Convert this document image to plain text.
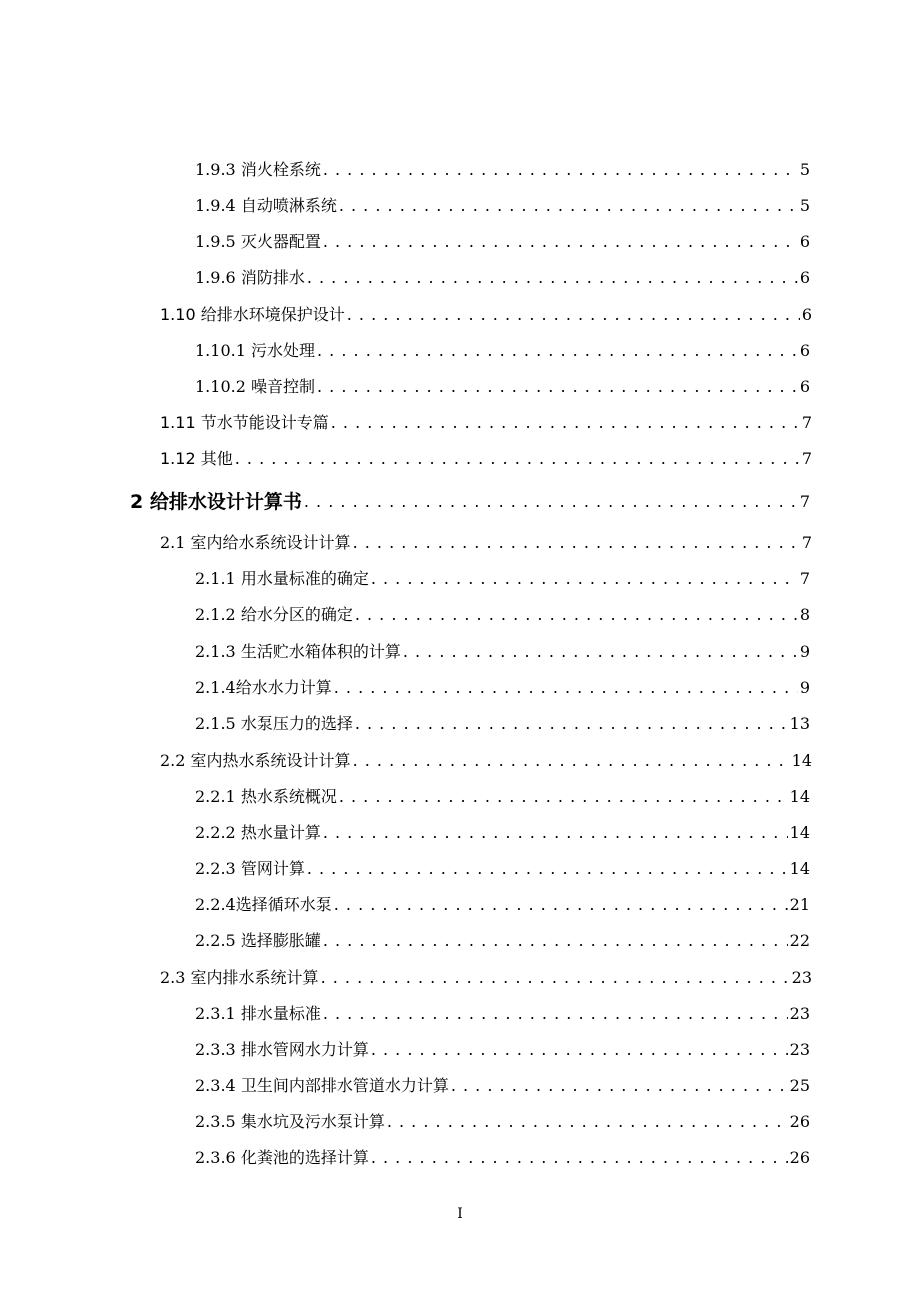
1.9.3 消火栓系统 . . .	5
1.9.4 自动喷淋系统 . . .	5
1.9.5 灭火器配置 . . .	6
1.9.6 消防排水 . . .	6
1.10 给排水环境保护设计 . . .	6
1.10.1 污水处理 . . .	6
1.10.2 噪音控制 . . .	6
1.11 节水节能设计专篇 . . .	7
1.12 其他 . . .	7
2 给排水设计计算书 . . .	7
2.1 室内给水系统设计计算 . . .	7
2.1.1 用水量标准的确定 . . .	7
2.1.2 给水分区的确定 . . .	8
2.1.3 生活贮水箱体积的计算 . . .	9
2.1.4给水水力计算 . . .	9
2.1.5 水泵压力的选择 . . .	13
2.2 室内热水系统设计计算 . . .	14
2.2.1 热水系统概况 . . .	14
2.2.2 热水量计算 . . .	14
2.2.3 管网计算 . . .	14
2.2.4选择循环水泵 . . .	21
2.2.5 选择膨胀罐 . . .	22
2.3 室内排水系统计算 . . .	23
2.3.1 排水量标准 . . .	23
2.3.3 排水管网水力计算 . . .	23
2.3.4 卫生间内部排水管道水力计算 . . .	25
2.3.5 集水坑及污水泵计算 . . .	26
2.3.6 化粪池的选择计算 . . .	26
I
